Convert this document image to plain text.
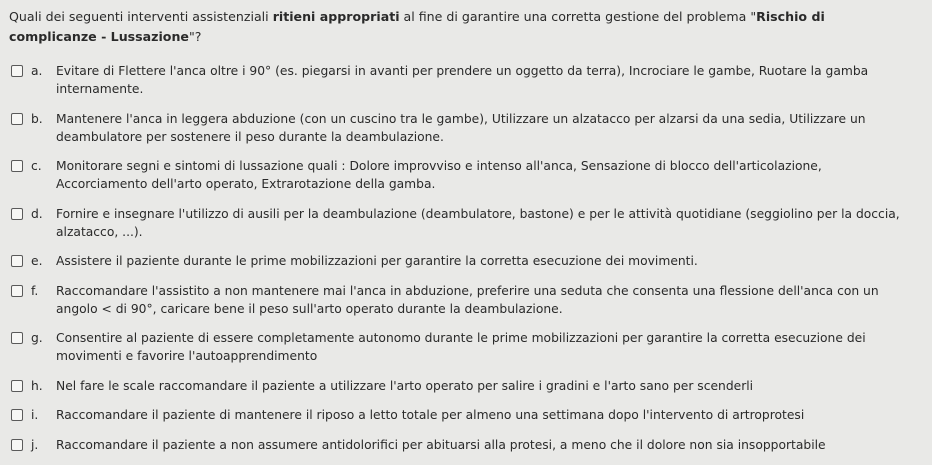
Quali dei seguenti interventi assistenziali ritieni appropriati al fine di garantire una corretta gestione del problema "Rischio di complicanze - Lussazione"?

a.	Evitare di Flettere l'anca oltre i 90° (es. piegarsi in avanti per prendere un oggetto da terra), Incrociare le gambe, Ruotare la gamba internamente.
b.	Mantenere l'anca in leggera abduzione (con un cuscino tra le gambe), Utilizzare un alzatacco per alzarsi da una sedia, Utilizzare un deambulatore per sostenere il peso durante la deambulazione.
c.	Monitorare segni e sintomi di lussazione quali : Dolore improvviso e intenso all'anca, Sensazione di blocco dell'articolazione, Accorciamento dell'arto operato, Extrarotazione della gamba.
d.	Fornire e insegnare l'utilizzo di ausili per la deambulazione (deambulatore, bastone) e per le attività quotidiane (seggiolino per la doccia, alzatacco, ...).
e.	Assistere il paziente durante le prime mobilizzazioni per garantire la corretta esecuzione dei movimenti.
f.	Raccomandare l'assistito a non mantenere mai l'anca in abduzione, preferire una seduta che consenta una flessione dell'anca con un angolo < di 90°, caricare bene il peso sull'arto operato durante la deambulazione.
g.	Consentire al paziente di essere completamente autonomo durante le prime mobilizzazioni per garantire la corretta esecuzione dei movimenti e favorire l'autoapprendimento
h.	Nel fare le scale raccomandare il paziente a utilizzare l'arto operato per salire i gradini e l'arto sano per scenderli
i.	Raccomandare il paziente di mantenere il riposo a letto totale per almeno una settimana dopo l'intervento di artroprotesi
j.	Raccomandare il paziente a non assumere antidolorifici per abituarsi alla protesi, a meno che il dolore non sia insopportabile
